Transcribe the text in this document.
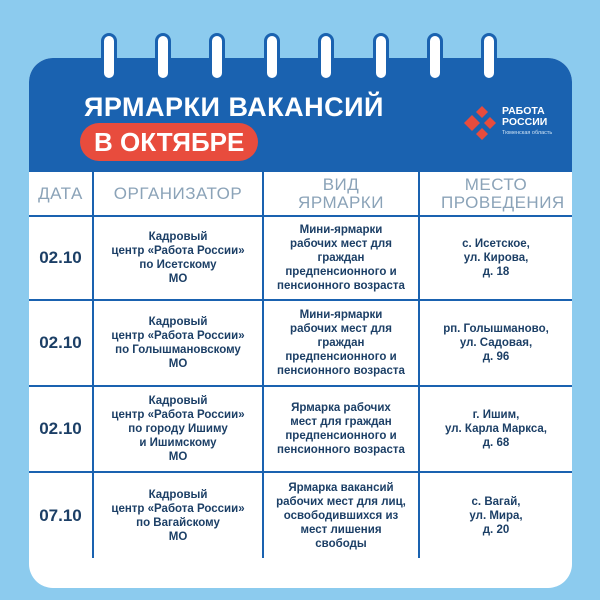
ЯРМАРКИ ВАКАНСИЙ
В ОКТЯБРЕ
РАБОТА
РОССИИ
Тюменская область
ДАТА	ОРГАНИЗАТОР	ВИД ЯРМАРКИ	МЕСТО ПРОВЕДЕНИЯ

02.10	Кадровый
центр «Работа России»
по Исетскому
МО	Мини-ярмарки
рабочих мест для
граждан
предпенсионного и
пенсионного возраста	с. Исетское,
ул. Кирова,
д. 18

02.10	Кадровый
центр «Работа России»
по Голышмановскому
МО	Мини-ярмарки
рабочих мест для
граждан
предпенсионного и
пенсионного возраста	рп. Голышманово,
ул. Садовая,
д. 96

02.10	Кадровый
центр «Работа России»
по городу Ишиму
и Ишимскому
МО	Ярмарка рабочих
мест для граждан
предпенсионного и
пенсионного возраста	г. Ишим,
ул. Карла Маркса,
д. 68

07.10	Кадровый
центр «Работа России»
по Вагайскому
МО	Ярмарка вакансий
рабочих мест для лиц,
освободившихся из
мест лишения
свободы	с. Вагай,
ул. Мира,
д. 20
